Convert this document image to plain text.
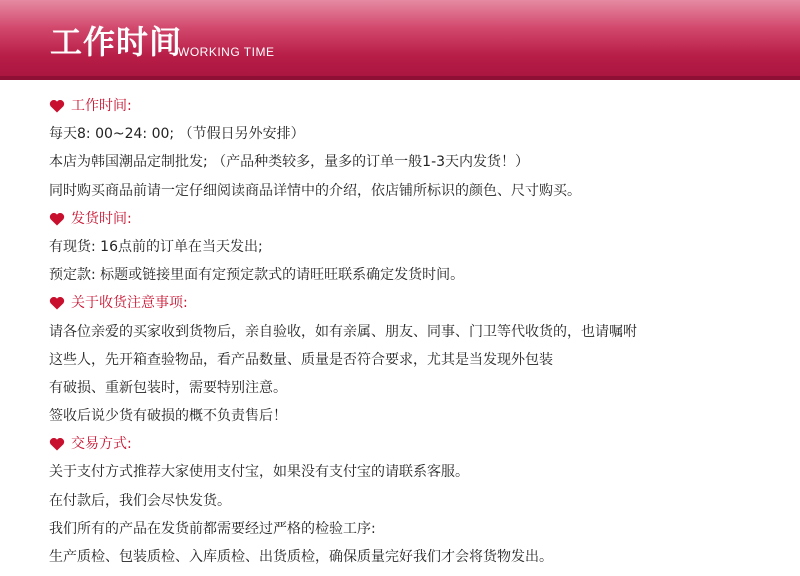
工作时间
WORKING TIME
工作时间:
每天8: 00~24: 00; （节假日另外安排）
本店为韩国潮品定制批发; （产品种类较多，量多的订单一般1-3天内发货！）
同时购买商品前请一定仔细阅读商品详情中的介绍，依店铺所标识的颜色、尺寸购买。
发货时间:
有现货: 16点前的订单在当天发出;
预定款: 标题或链接里面有定预定款式的请旺旺联系确定发货时间。
关于收货注意事项:
请各位亲爱的买家收到货物后，亲自验收，如有亲属、朋友、同事、门卫等代收货的，也请嘱咐
这些人，先开箱查验物品，看产品数量、质量是否符合要求，尤其是当发现外包装
有破损、重新包装时，需要特别注意。
签收后说少货有破损的概不负责售后！
交易方式:
关于支付方式推荐大家使用支付宝，如果没有支付宝的请联系客服。
在付款后，我们会尽快发货。
我们所有的产品在发货前都需要经过严格的检验工序:
生产质检、包装质检、入库质检、出货质检，确保质量完好我们才会将货物发出。
